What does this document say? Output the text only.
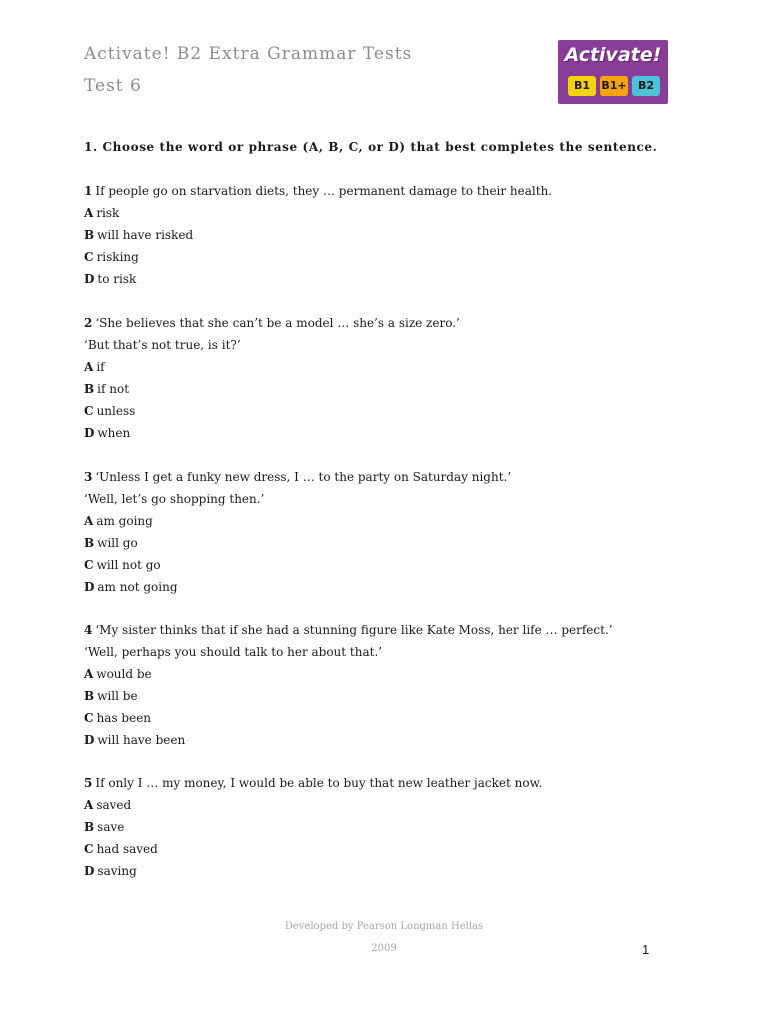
Activate! B2 Extra Grammar Tests
Test 6
Activate!
B1	B1+	B2
1. Choose the word or phrase (A, B, C, or D) that best completes the sentence.
1 If people go on starvation diets, they … permanent damage to their health.
A risk
B will have risked
C risking
D to risk
2 ‘She believes that she can’t be a model … she’s a size zero.’
‘But that’s not true, is it?’
A if
B if not
C unless
D when
3 ‘Unless I get a funky new dress, I … to the party on Saturday night.’
‘Well, let’s go shopping then.’
A am going
B will go
C will not go
D am not going
4 ‘My sister thinks that if she had a stunning figure like Kate Moss, her life … perfect.’
‘Well, perhaps you should talk to her about that.’
A would be
B will be
C has been
D will have been
5 If only I … my money, I would be able to buy that new leather jacket now.
A saved
B save
C had saved
D saving
Developed by Pearson Longman Hellas
2009	1
